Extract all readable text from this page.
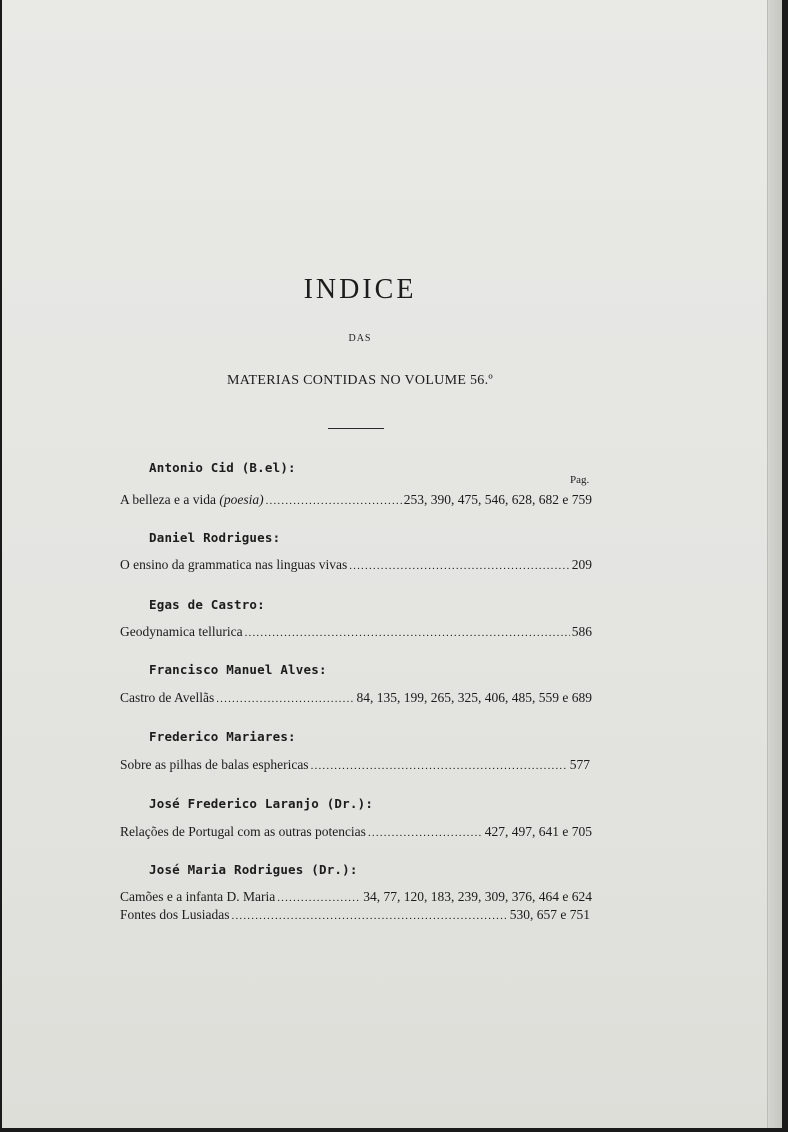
INDICE
DAS
MATERIAS CONTIDAS NO VOLUME 56.º
Antonio Cid (B.el):
Pag.
A belleza e a vida (poesia) .....	253, 390, 475, 546, 628, 682 e 759
Daniel Rodrigues:
O ensino da grammatica nas linguas vivas .....	209
Egas de Castro:
Geodynamica tellurica .....	586
Francisco Manuel Alves:
Castro de Avellãs .....	84, 135, 199, 265, 325, 406, 485, 559 e 689
Frederico Mariares:
Sobre as pilhas de balas esphericas .....	577
José Frederico Laranjo (Dr.):
Relações de Portugal com as outras potencias .....	427, 497, 641 e 705
José Maria Rodrigues (Dr.):
Camões e a infanta D. Maria .....	34, 77, 120, 183, 239, 309, 376, 464 e 624
Fontes dos Lusiadas .....	530, 657 e 751
